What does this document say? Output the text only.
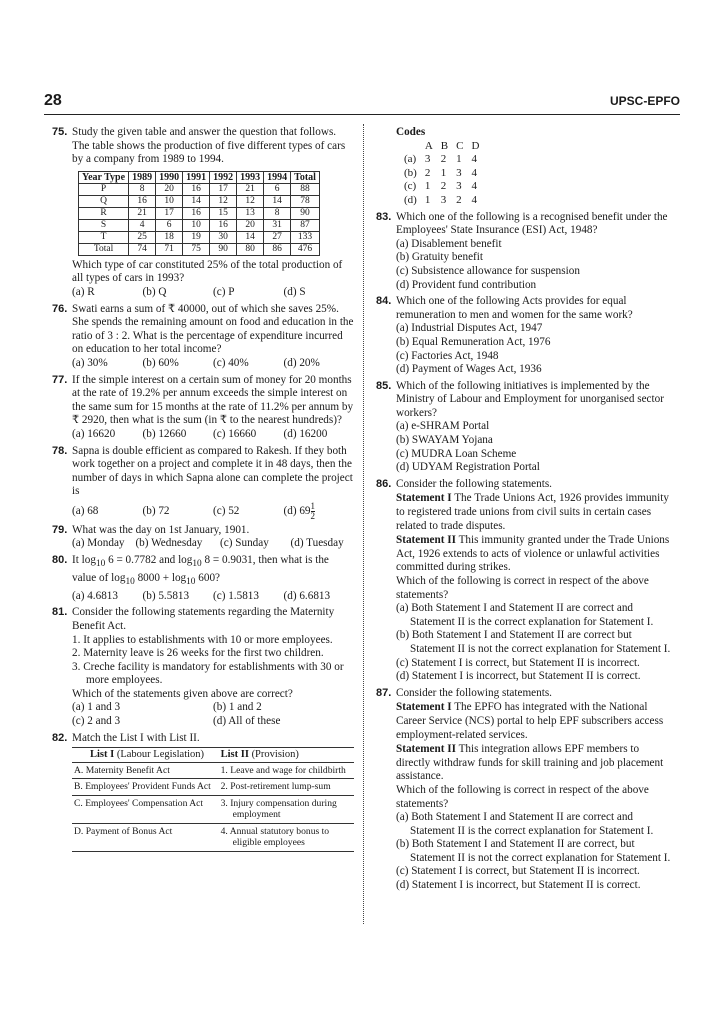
28	UPSC-EPFO
75. Study the given table and answer the question that follows.
The table shows the production of five different types of cars by a company from 1989 to 1994.
Year Type	1989	1990	1991	1992	1993	1994	Total
P	8	20	16	17	21	6	88
Q	16	10	14	12	12	14	78
R	21	17	16	15	13	8	90
S	4	6	10	16	20	31	87
T	25	18	19	30	14	27	133
Total	74	71	75	90	80	86	476
Which type of car constituted 25% of the total production of all types of cars in 1993?
(a) R	(b) Q	(c) P	(d) S
76. Swati earns a sum of ₹ 40000, out of which she saves 25%. She spends the remaining amount on food and education in the ratio of 3 : 2. What is the percentage of expenditure incurred on education to her total income?
(a) 30%	(b) 60%	(c) 40%	(d) 20%
77. If the simple interest on a certain sum of money for 20 months at the rate of 19.2% per annum exceeds the simple interest on the same sum for 15 months at the rate of 11.2% per annum by ₹ 2920, then what is the sum (in ₹ to the nearest hundreds)?
(a) 16620	(b) 12660	(c) 16660	(d) 16200
78. Sapna is double efficient as compared to Rakesh. If they both work together on a project and complete it in 48 days, then the number of days in which Sapna alone can complete the project is
(a) 68	(b) 72	(c) 52	(d) $69 \frac{1}{2}$
79. What was the day on 1st January, 1901.
(a) Monday (b) Wednesday	(c) Sunday	(d) Tuesday
80. It $\log_{10} 6 = 0.7782$ and $\log_{10} 8 = 0.9031$, then what is the value of $\log_{10} 8000 + \log_{10} 600$?
(a) 4.6813	(b) 5.5813	(c) 1.5813	(d) 6.6813
81. Consider the following statements regarding the Maternity Benefit Act.
1. It applies to establishments with 10 or more employees.
2. Maternity leave is 26 weeks for the first two children.
3. Creche facility is mandatory for establishments with 30 or more employees.
Which of the statements given above are correct?
(a) 1 and 3	(b) 1 and 2
(c) 2 and 3	(d) All of these
82. Match the List I with List II.
List I (Labour Legislation)	List II (Provision)
A. Maternity Benefit Act	1. Leave and wage for childbirth
B. Employees' Provident Funds Act	2. Post-retirement lump-sum
C. Employees' Compensation Act	3. Injury compensation during employment
D. Payment of Bonus Act	4. Annual statutory bonus to eligible employees
Codes
	A	B	C	D
(a)	3	2	1	4
(b)	2	1	3	4
(c)	1	2	3	4
(d)	1	3	2	4
83. Which one of the following is a recognised benefit under the Employees' State Insurance (ESI) Act, 1948?
(a) Disablement benefit
(b) Gratuity benefit
(c) Subsistence allowance for suspension
(d) Provident fund contribution
84. Which one of the following Acts provides for equal remuneration to men and women for the same work?
(a) Industrial Disputes Act, 1947
(b) Equal Remuneration Act, 1976
(c) Factories Act, 1948
(d) Payment of Wages Act, 1936
85. Which of the following initiatives is implemented by the Ministry of Labour and Employment for unorganised sector workers?
(a) e-SHRAM Portal
(b) SWAYAM Yojana
(c) MUDRA Loan Scheme
(d) UDYAM Registration Portal
86. Consider the following statements.
Statement I The Trade Unions Act, 1926 provides immunity to registered trade unions from civil suits in certain cases related to trade disputes.
Statement II This immunity granted under the Trade Unions Act, 1926 extends to acts of violence or unlawful activities committed during strikes.
Which of the following is correct in respect of the above statements?
(a) Both Statement I and Statement II are correct and Statement II is the correct explanation for Statement I.
(b) Both Statement I and Statement II are correct but Statement II is not the correct explanation for Statement I.
(c) Statement I is correct, but Statement II is incorrect.
(d) Statement I is incorrect, but Statement II is correct.
87. Consider the following statements.
Statement I The EPFO has integrated with the National Career Service (NCS) portal to help EPF subscribers access employment-related services.
Statement II This integration allows EPF members to directly withdraw funds for skill training and job placement assistance.
Which of the following is correct in respect of the above statements?
(a) Both Statement I and Statement II are correct and Statement II is the correct explanation for Statement I.
(b) Both Statement I and Statement II are correct, but Statement II is not the correct explanation for Statement I.
(c) Statement I is correct, but Statement II is incorrect.
(d) Statement I is incorrect, but Statement II is correct.
